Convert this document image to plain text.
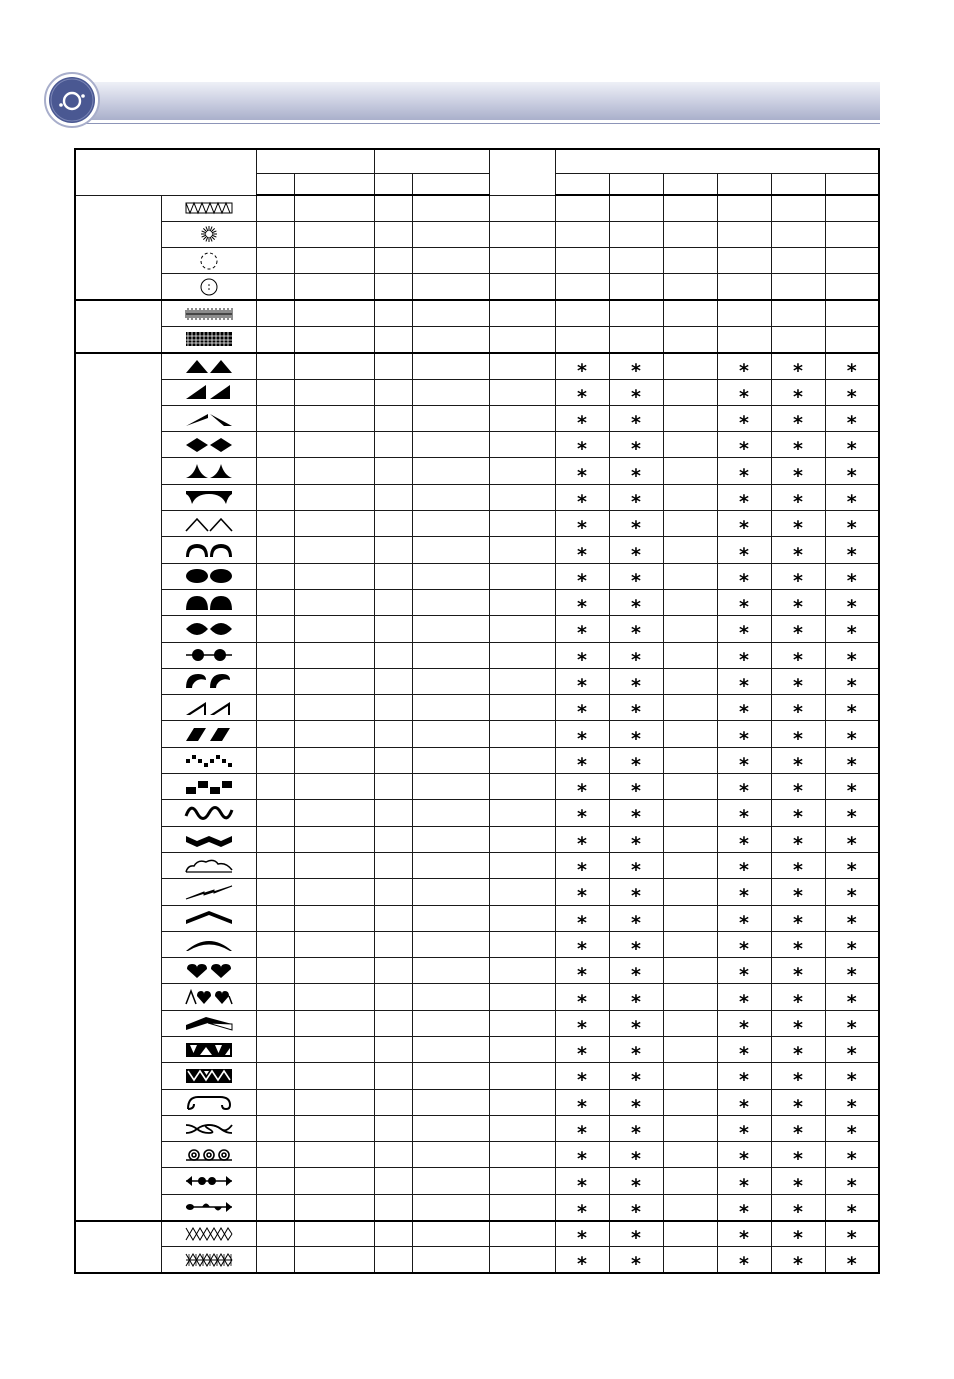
						*	*		*	*	*

						*	*		*	*	*

						*	*		*	*	*

						*	*		*	*	*

						*	*		*	*	*

						*	*		*	*	*

						*	*		*	*	*

						*	*		*	*	*

						*	*		*	*	*

						*	*		*	*	*

						*	*		*	*	*

						*	*		*	*	*

						*	*		*	*	*

						*	*		*	*	*

						*	*		*	*	*

						*	*		*	*	*

						*	*		*	*	*

						*	*		*	*	*

						*	*		*	*	*

						*	*		*	*	*

						*	*		*	*	*

						*	*		*	*	*

						*	*		*	*	*

						*	*		*	*	*

						*	*		*	*	*

						*	*		*	*	*

						*	*		*	*	*

						*	*		*	*	*

						*	*		*	*	*

						*	*		*	*	*

						*	*		*	*	*

						*	*		*	*	*

						*	*		*	*	*

						*	*		*	*	*

						*	*		*	*	*
